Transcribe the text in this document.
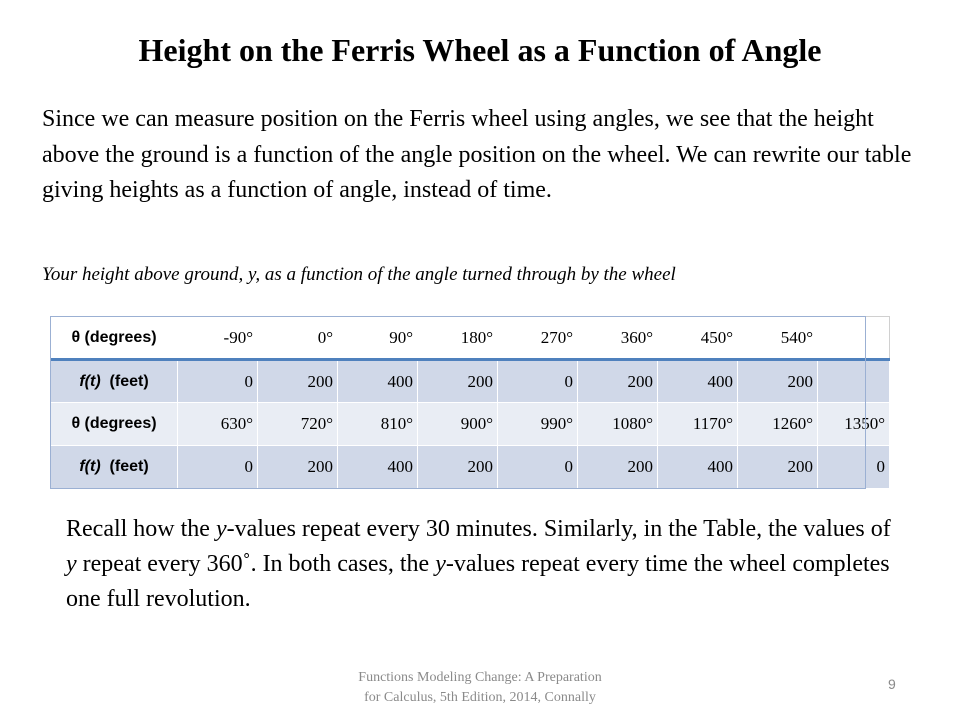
Height on the Ferris Wheel as a Function of Angle
Since we can measure position on the Ferris wheel using angles, we see that the height above the ground is a function of the angle position on the wheel. We can rewrite our table giving heights as a function of angle, instead of time.
Your height above ground, y, as a function of the angle turned through by the wheel
θ (degrees)	-90°	0°	90°	180°	270°	360°	450°	540°	
f(t) (feet)	0	200	400	200	0	200	400	200	
θ (degrees)	630°	720°	810°	900°	990°	1080°	1170°	1260°	1350°
f(t) (feet)	0	200	400	200	0	200	400	200	0
Recall how the y-values repeat every 30 minutes. Similarly, in the Table, the values of y repeat every 360˚. In both cases, the y-values repeat every time the wheel completes one full revolution.
Functions Modeling Change: A Preparation
for Calculus, 5th Edition, 2014, Connally
9
